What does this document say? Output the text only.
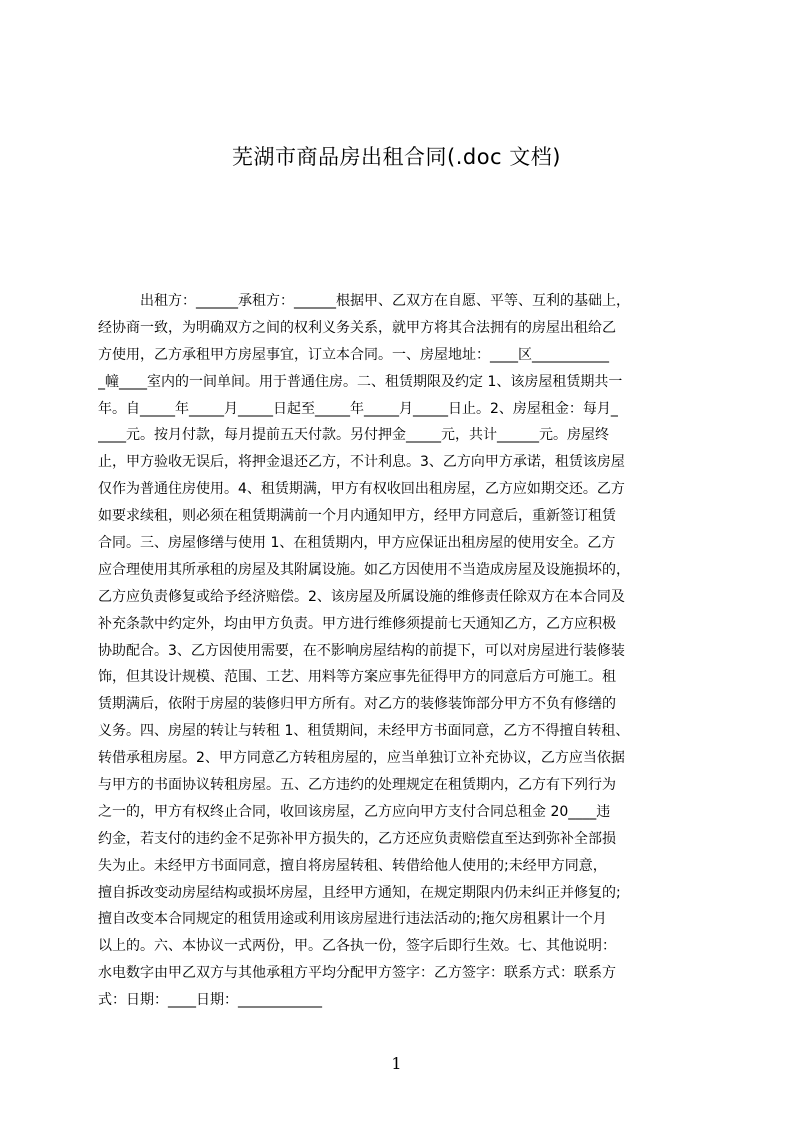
芜湖市商品房出租合同(.doc 文档)
出租方：______承租方：______根据甲、乙双方在自愿、平等、互利的基础上，
经协商一致，为明确双方之间的权利义务关系，就甲方将其合法拥有的房屋出租给乙
方使用，乙方承租甲方房屋事宜，订立本合同。一、房屋地址：____区___________
_幢____室内的一间单间。用于普通住房。二、租赁期限及约定 1、该房屋租赁期共一
年。自_____年_____月_____日起至_____年_____月_____日止。2、房屋租金：每月_
____元。按月付款，每月提前五天付款。另付押金_____元，共计______元。房屋终
止，甲方验收无误后，将押金退还乙方，不计利息。3、乙方向甲方承诺，租赁该房屋
仅作为普通住房使用。4、租赁期满，甲方有权收回出租房屋，乙方应如期交还。乙方
如要求续租，则必须在租赁期满前一个月内通知甲方，经甲方同意后，重新签订租赁
合同。三、房屋修缮与使用 1、在租赁期内，甲方应保证出租房屋的使用安全。乙方
应合理使用其所承租的房屋及其附属设施。如乙方因使用不当造成房屋及设施损坏的，
乙方应负责修复或给予经济赔偿。2、该房屋及所属设施的维修责任除双方在本合同及
补充条款中约定外，均由甲方负责。甲方进行维修须提前七天通知乙方，乙方应积极
协助配合。3、乙方因使用需要，在不影响房屋结构的前提下，可以对房屋进行装修装
饰，但其设计规模、范围、工艺、用料等方案应事先征得甲方的同意后方可施工。租
赁期满后，依附于房屋的装修归甲方所有。对乙方的装修装饰部分甲方不负有修缮的
义务。四、房屋的转让与转租 1、租赁期间，未经甲方书面同意，乙方不得擅自转租、
转借承租房屋。2、甲方同意乙方转租房屋的，应当单独订立补充协议，乙方应当依据
与甲方的书面协议转租房屋。五、乙方违约的处理规定在租赁期内，乙方有下列行为
之一的，甲方有权终止合同，收回该房屋，乙方应向甲方支付合同总租金 20____违
约金，若支付的违约金不足弥补甲方损失的，乙方还应负责赔偿直至达到弥补全部损
失为止。未经甲方书面同意，擅自将房屋转租、转借给他人使用的;未经甲方同意，
擅自拆改变动房屋结构或损坏房屋，且经甲方通知，在规定期限内仍未纠正并修复的;
擅自改变本合同规定的租赁用途或利用该房屋进行违法活动的;拖欠房租累计一个月
以上的。六、本协议一式两份，甲。乙各执一份，签字后即行生效。七、其他说明：
水电数字由甲乙双方与其他承租方平均分配甲方签字：乙方签字：联系方式：联系方
式：日期：____日期：____________
1
